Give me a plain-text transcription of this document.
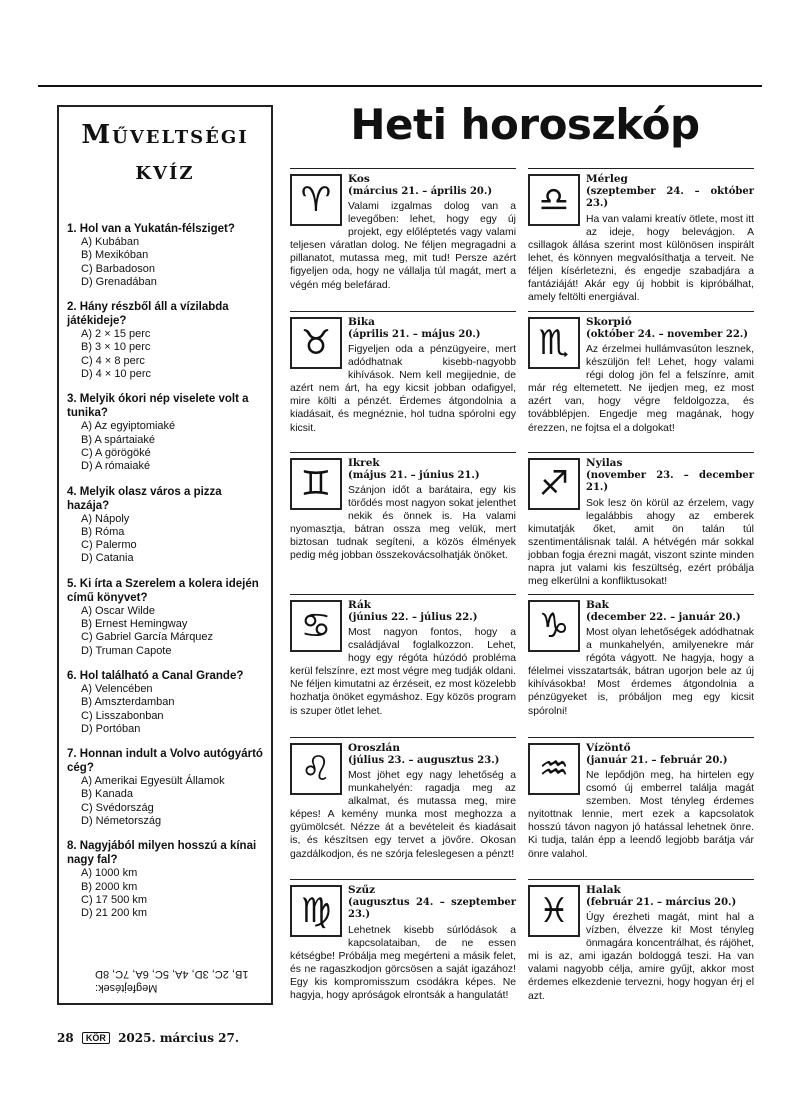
Műveltségi
kvíz
1. Hol van a Yukatán-félsziget?
A) Kubában
B) Mexikóban
C) Barbadoson
D) Grenadában
2. Hány részből áll a vízilabda játékideje?
A) 2 × 15 perc
B) 3 × 10 perc
C) 4 × 8 perc
D) 4 × 10 perc
3. Melyik ókori nép viselete volt a tunika?
A) Az egyiptomiaké
B) A spártaiaké
C) A görögöké
D) A rómaiaké
4. Melyik olasz város a pizza hazája?
A) Nápoly
B) Róma
C) Palermo
D) Catania
5. Ki írta a Szerelem a kolera idején című könyvet?
A) Oscar Wilde
B) Ernest Hemingway
C) Gabriel García Márquez
D) Truman Capote
6. Hol található a Canal Grande?
A) Velencében
B) Amszterdamban
C) Lisszabonban
D) Portóban
7. Honnan indult a Volvo autógyártó cég?
A) Amerikai Egyesült Államok
B) Kanada
C) Svédország
D) Németország
8. Nagyjából milyen hosszú a kínai nagy fal?
A) 1000 km
B) 2000 km
C) 17 500 km
D) 21 200 km
Megfejtések:
1B, 2C, 3D, 4A, 5C, 6A, 7C, 8D
Heti horoszkóp
♈
Kos
(március 21. – április 20.)
Valami izgalmas dolog van a levegőben: lehet, hogy egy új projekt, egy előléptetés vagy valami teljesen váratlan dolog. Ne féljen megragadni a pillanatot, mutassa meg, mit tud! Persze azért figyeljen oda, hogy ne vállalja túl magát, mert a végén még belefárad.
♉
Bika
(április 21. – május 20.)
Figyeljen oda a pénzügyeire, mert adódhatnak kisebb-nagyobb kihívások. Nem kell megijednie, de azért nem árt, ha egy kicsit jobban odafigyel, mire költi a pénzét. Érdemes átgondolnia a kiadásait, és megnéznie, hol tudna spórolni egy kicsit.
♊
Ikrek
(május 21. – június 21.)
Szánjon időt a barátaira, egy kis törődés most nagyon sokat jelenthet nekik és önnek is. Ha valami nyomasztja, bátran ossza meg velük, mert biztosan tudnak segíteni, a közös élmények pedig még jobban összekovácsolhatják önöket.
♋
Rák
(június 22. – július 22.)
Most nagyon fontos, hogy a családjával foglalkozzon. Lehet, hogy egy régóta húzódó probléma kerül felszínre, ezt most végre meg tudják oldani. Ne féljen kimutatni az érzéseit, ez most közelebb hozhatja önöket egymáshoz. Egy közös program is szuper ötlet lehet.
♌
Oroszlán
(július 23. – augusztus 23.)
Most jöhet egy nagy lehetőség a munkahelyén: ragadja meg az alkalmat, és mutassa meg, mire képes! A kemény munka most meghozza a gyümölcsét. Nézze át a bevételeit és kiadásait is, és készítsen egy tervet a jövőre. Okosan gazdálkodjon, és ne szórja feleslegesen a pénzt!
♍
Szűz
(augusztus 24. – szeptember 23.)
Lehetnek kisebb súrlódások a kapcsolataiban, de ne essen kétségbe! Próbálja meg megérteni a másik felet, és ne ragaszkodjon görcsösen a saját igazához! Egy kis kompromisszum csodákra képes. Ne hagyja, hogy apróságok elrontsák a hangulatát!
♎
Mérleg
(szeptember 24. – október 23.)
Ha van valami kreatív ötlete, most itt az ideje, hogy belevágjon. A csillagok állása szerint most különösen inspirált lehet, és könnyen megvalósíthatja a terveit. Ne féljen kísérletezni, és engedje szabadjára a fantáziáját! Akár egy új hobbit is kipróbálhat, amely feltölti energiával.
♏
Skorpió
(október 24. – november 22.)
Az érzelmei hullámvasúton lesznek, készüljön fel! Lehet, hogy valami régi dolog jön fel a felszínre, amit már rég eltemetett. Ne ijedjen meg, ez most azért van, hogy végre feldolgozza, és továbblépjen. Engedje meg magának, hogy érezzen, ne fojtsa el a dolgokat!
♐
Nyilas
(november 23. – december 21.)
Sok lesz ön körül az érzelem, vagy legalábbis ahogy az emberek kimutatják őket, amit ön talán túl szentimentálisnak talál. A hétvégén már sokkal jobban fogja érezni magát, viszont szinte minden napra jut valami kis feszültség, ezért próbálja meg elkerülni a konfliktusokat!
♑
Bak
(december 22. – január 20.)
Most olyan lehetőségek adódhatnak a munkahelyén, amilyenekre már régóta vágyott. Ne hagyja, hogy a félelmei visszatartsák, bátran ugorjon bele az új kihívásokba! Most érdemes átgondolnia a pénzügyeket is, próbáljon meg egy kicsit spórolni!
♒
Vízöntő
(január 21. – február 20.)
Ne lepődjön meg, ha hirtelen egy csomó új emberrel találja magát szemben. Most tényleg érdemes nyitottnak lennie, mert ezek a kapcsolatok hosszú távon nagyon jó hatással lehetnek önre. Ki tudja, talán épp a leendő legjobb barátja vár önre valahol.
♓
Halak
(február 21. – március 20.)
Úgy érezheti magát, mint hal a vízben, élvezze ki! Most tényleg önmagára koncentrálhat, és rájöhet, mi is az, ami igazán boldoggá teszi. Ha van valami nagyobb célja, amire gyűjt, akkor most érdemes elkezdenie tervezni, hogy hogyan érj el azt.
28 KÖR 2025. március 27.
